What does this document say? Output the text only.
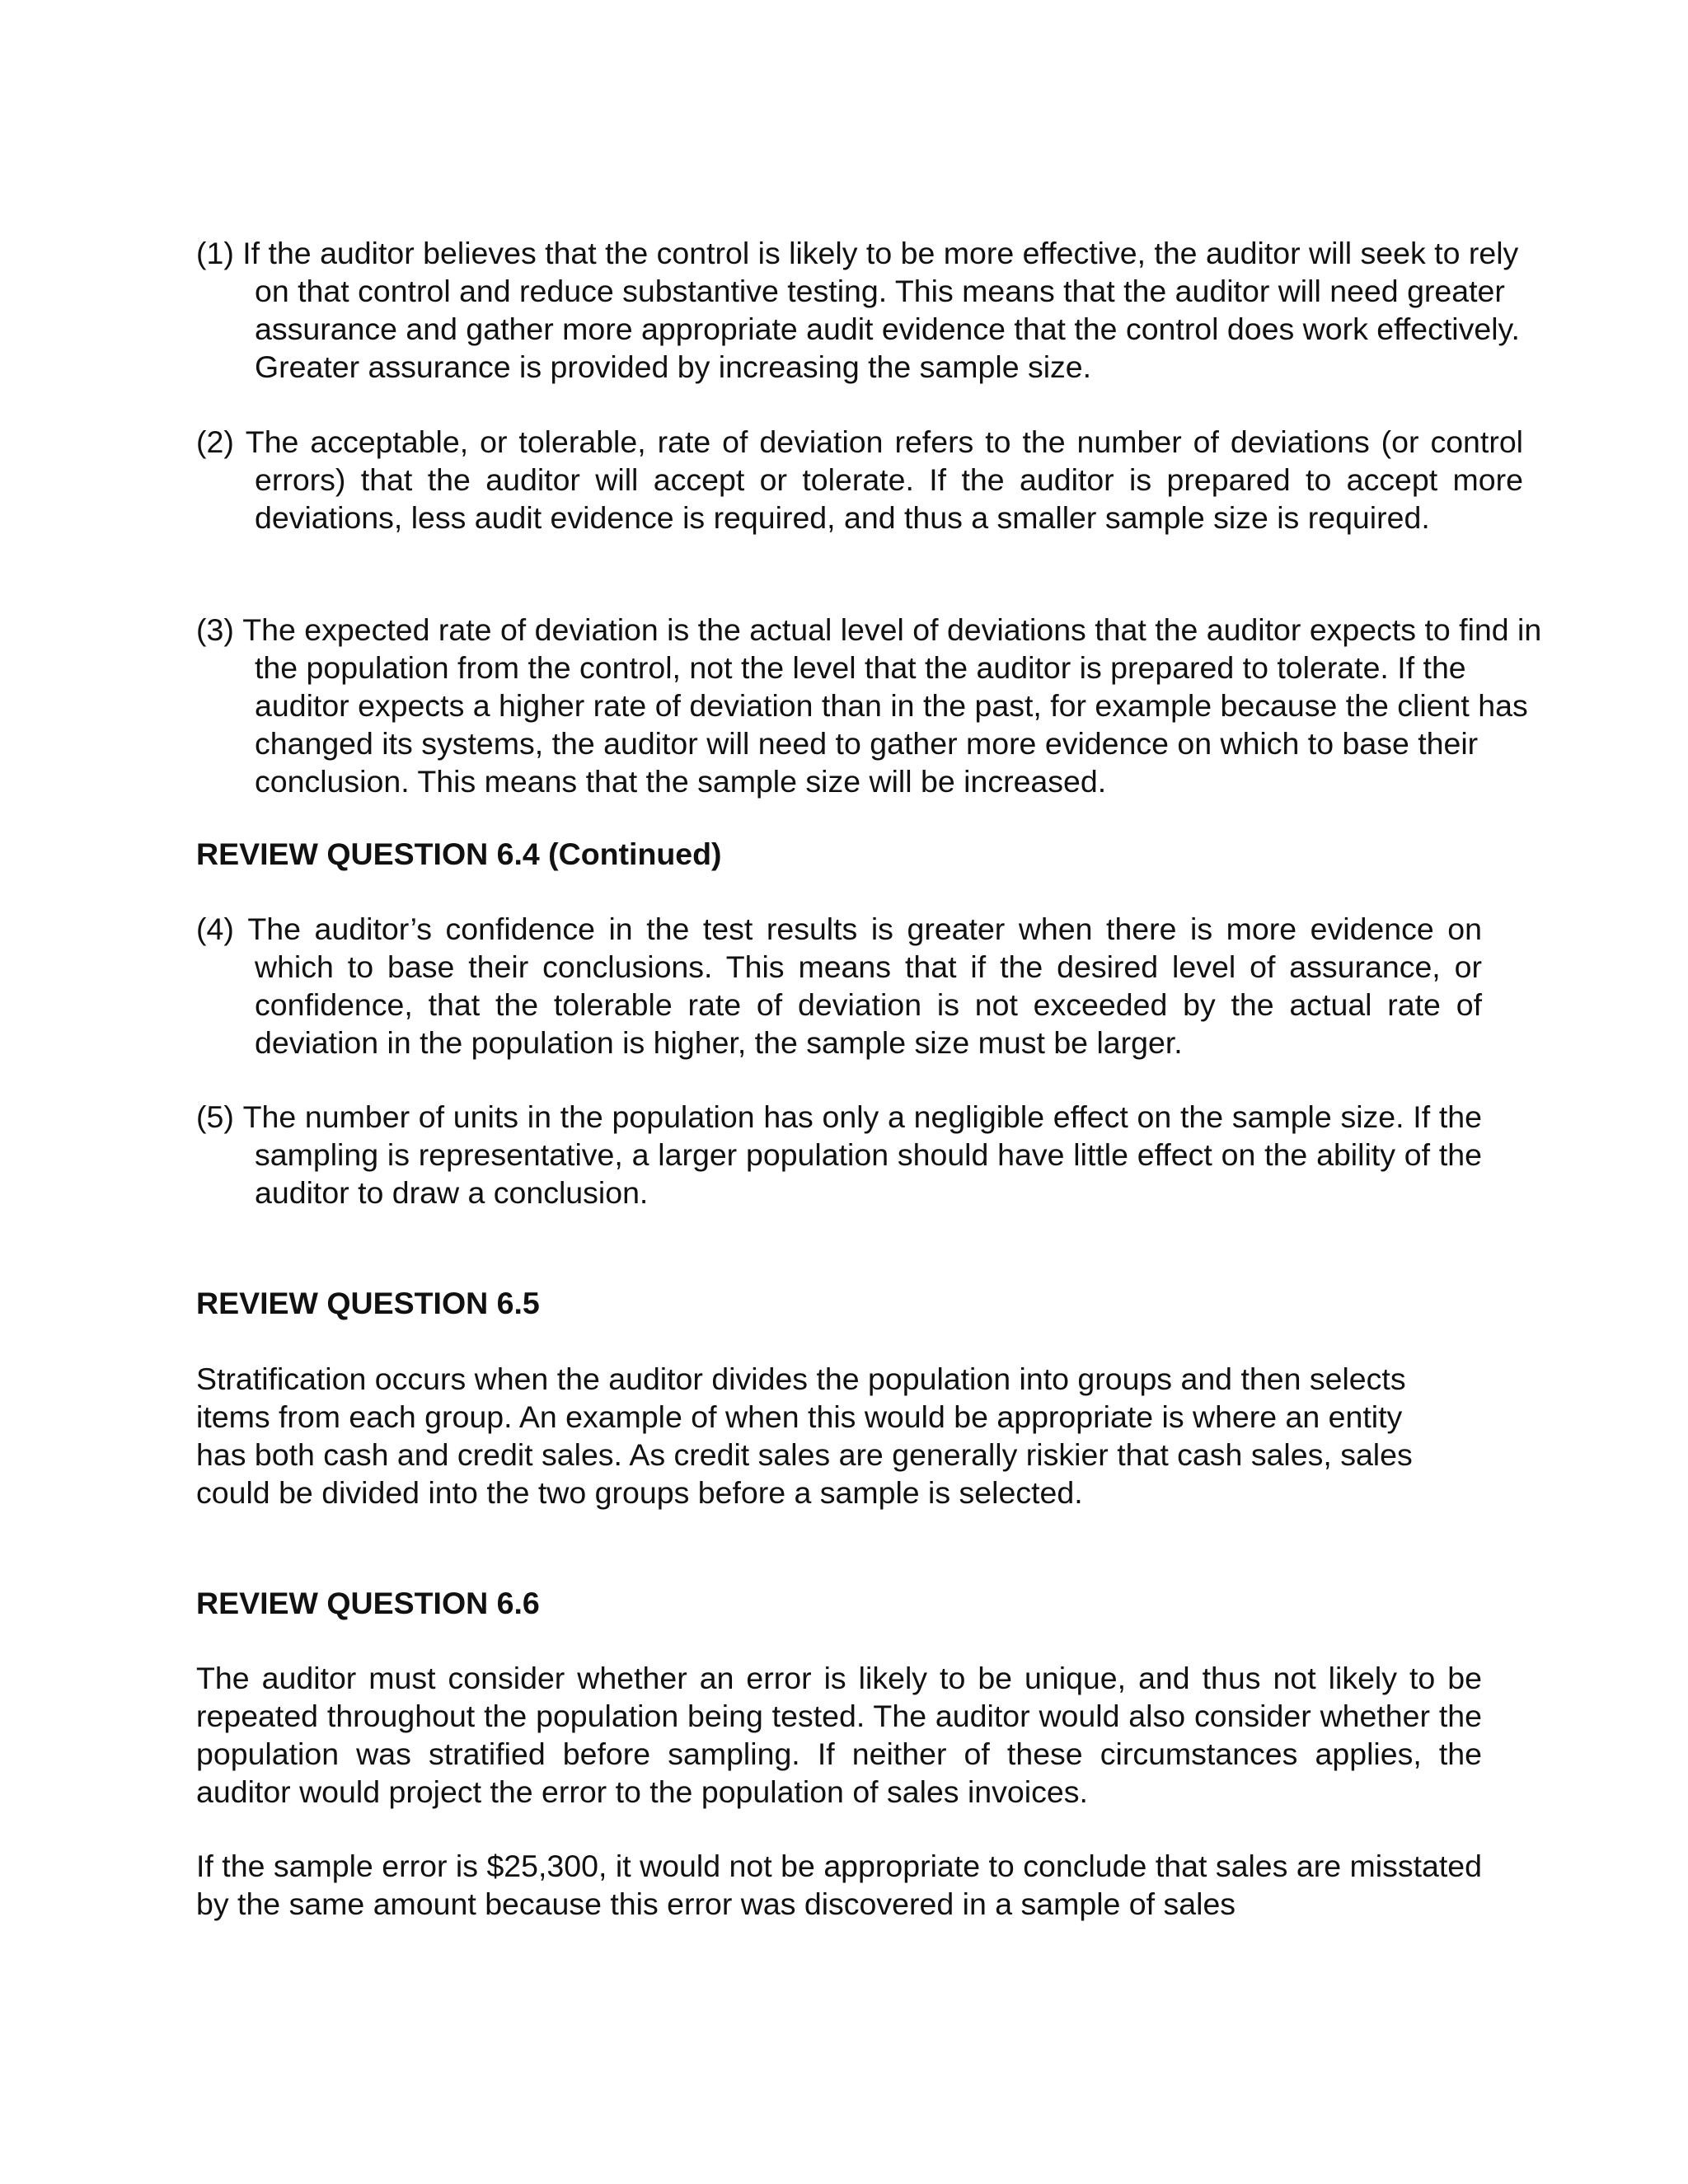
(1) If the auditor believes that the control is likely to be more effective, the auditor will seek to rely on that control and reduce substantive testing. This means that the auditor will need greater assurance and gather more appropriate audit evidence that the control does work effectively. Greater assurance is provided by increasing the sample size.

(2) The acceptable, or tolerable, rate of deviation refers to the number of deviations (or control errors) that the auditor will accept or tolerate. If the auditor is prepared to accept more deviations, less audit evidence is required, and thus a smaller sample size is required.

(3) The expected rate of deviation is the actual level of deviations that the auditor expects to find in the population from the control, not the level that the auditor is prepared to tolerate. If the auditor expects a higher rate of deviation than in the past, for example because the client has changed its systems, the auditor will need to gather more evidence on which to base their conclusion. This means that the sample size will be increased.

REVIEW QUESTION 6.4 (Continued)

(4) The auditor’s confidence in the test results is greater when there is more evidence on which to base their conclusions. This means that if the desired level of assurance, or confidence, that the tolerable rate of deviation is not exceeded by the actual rate of deviation in the population is higher, the sample size must be larger.

(5) The number of units in the population has only a negligible effect on the sample size. If the sampling is representative, a larger population should have little effect on the ability of the auditor to draw a conclusion.

REVIEW QUESTION 6.5

Stratification occurs when the auditor divides the population into groups and then selects items from each group. An example of when this would be appropriate is where an entity has both cash and credit sales. As credit sales are generally riskier that cash sales, sales could be divided into the two groups before a sample is selected.

REVIEW QUESTION 6.6

The auditor must consider whether an error is likely to be unique, and thus not likely to be repeated throughout the population being tested. The auditor would also consider whether the population was stratified before sampling. If neither of these circumstances applies, the auditor would project the error to the population of sales invoices.

If the sample error is $25,300, it would not be appropriate to conclude that sales are misstated by the same amount because this error was discovered in a sample of sales
